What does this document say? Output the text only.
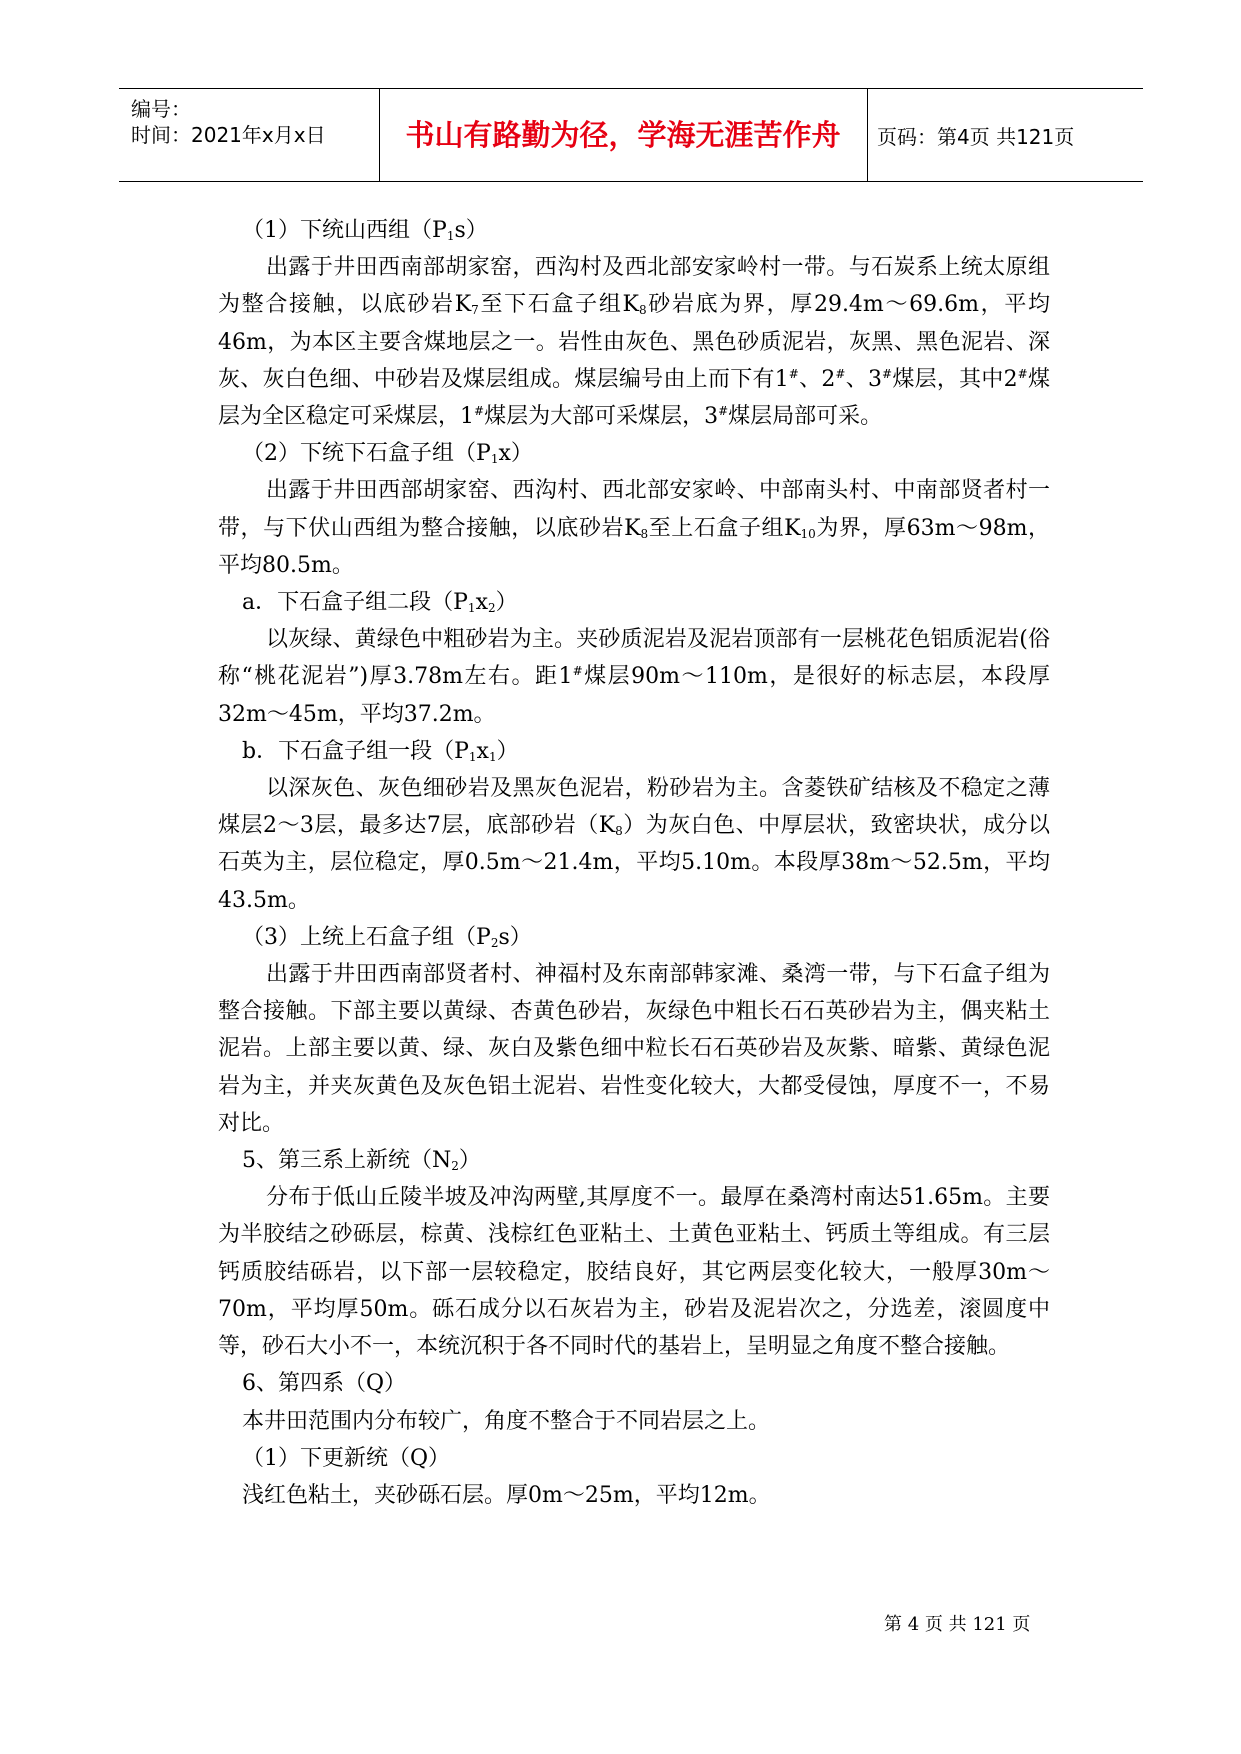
编号：
时间：2021年x月x日	书山有路勤为径，学海无涯苦作舟	页码：第4页 共121页

（1）下统山西组$(P_1s)$

出露于井田西南部胡家窑，西沟村及西北部安家岭村一带。与石炭系上统太原组为整合接触，以底砂岩$K_7$至下石盒子组$K_8$砂岩底为界，厚29.4m～69.6m，平均46m，为本区主要含煤地层之一。岩性由灰色、黑色砂质泥岩，灰黑、黑色泥岩、深灰、灰白色细、中砂岩及煤层组成。煤层编号由上而下有1#、2#、3#煤层，其中2#煤层为全区稳定可采煤层，1#煤层为大部可采煤层，3#煤层局部可采。

（2）下统下石盒子组$(P_1x)$

出露于井田西部胡家窑、西沟村、西北部安家岭、中部南头村、中南部贤者村一带，与下伏山西组为整合接触，以底砂岩$K_8$至上石盒子组$K_{10}$为界，厚63m～98m，平均80.5m。

a．下石盒子组二段$(P_1x_2)$

以灰绿、黄绿色中粗砂岩为主。夹砂质泥岩及泥岩顶部有一层桃花色铝质泥岩(俗称“桃花泥岩”)厚3.78m左右。距1#煤层90m～110m，是很好的标志层，本段厚32m～45m，平均37.2m。

b．下石盒子组一段$(P_1x_1)$

以深灰色、灰色细砂岩及黑灰色泥岩，粉砂岩为主。含菱铁矿结核及不稳定之薄煤层2～3层，最多达7层，底部砂岩$(K_8)$为灰白色、中厚层状，致密块状，成分以石英为主，层位稳定，厚0.5m～21.4m，平均5.10m。本段厚38m～52.5m，平均43.5m。

（3）上统上石盒子组$(P_2s)$

出露于井田西南部贤者村、神福村及东南部韩家滩、桑湾一带，与下石盒子组为整合接触。下部主要以黄绿、杏黄色砂岩，灰绿色中粗长石石英砂岩为主，偶夹粘土泥岩。上部主要以黄、绿、灰白及紫色细中粒长石石英砂岩及灰紫、暗紫、黄绿色泥岩为主，并夹灰黄色及灰色铝土泥岩、岩性变化较大，大都受侵蚀，厚度不一，不易对比。

5、第三系上新统$(N_2)$

分布于低山丘陵半坡及冲沟两壁,其厚度不一。最厚在桑湾村南达51.65m。主要为半胶结之砂砾层，棕黄、浅棕红色亚粘土、土黄色亚粘土、钙质土等组成。有三层钙质胶结砾岩，以下部一层较稳定，胶结良好，其它两层变化较大，一般厚30m～70m，平均厚50m。砾石成分以石灰岩为主，砂岩及泥岩次之，分选差，滚圆度中等，砂石大小不一，本统沉积于各不同时代的基岩上，呈明显之角度不整合接触。

6、第四系（Q）

本井田范围内分布较广，角度不整合于不同岩层之上。

（1）下更新统（Q）

浅红色粘土，夹砂砾石层。厚0m～25m，平均12m。

第 4 页 共 121 页
